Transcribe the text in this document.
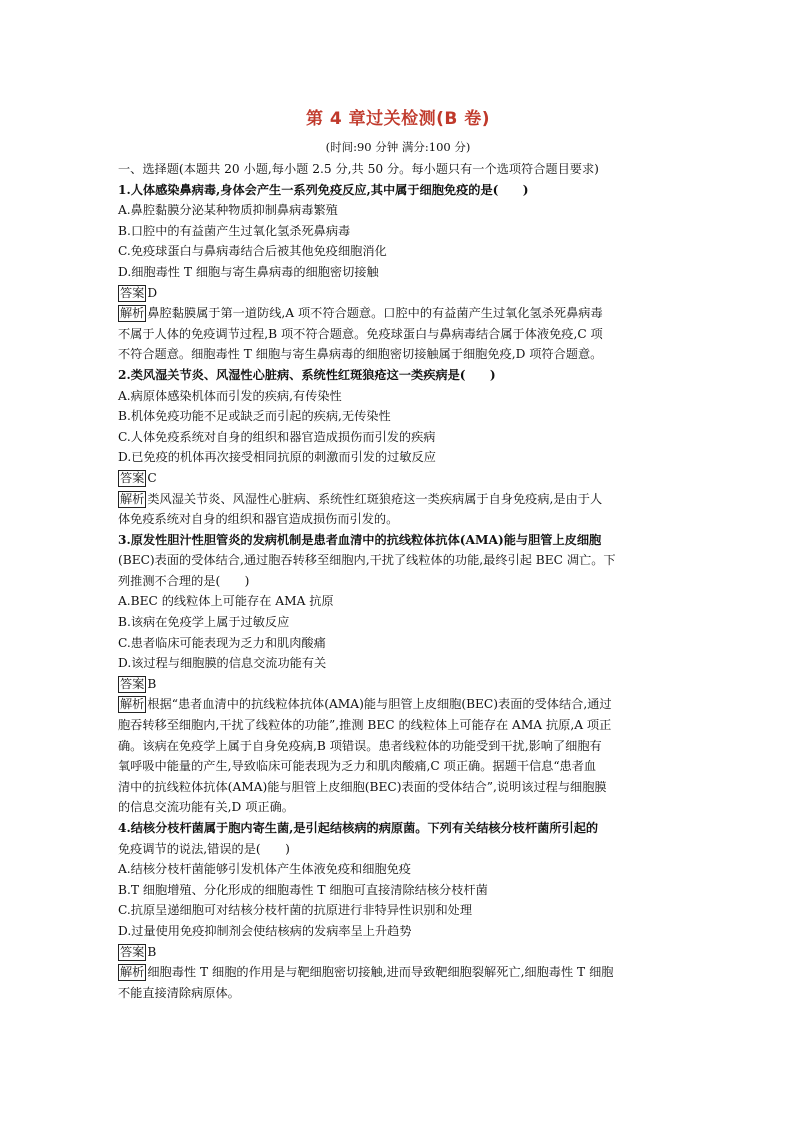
第 4 章过关检测(B 卷)

(时间:90 分钟 满分:100 分)

一、选择题(本题共 20 小题,每小题 2.5 分,共 50 分。每小题只有一个选项符合题目要求)

1.人体感染鼻病毒,身体会产生一系列免疫反应,其中属于细胞免疫的是(　　)

A.鼻腔黏膜分泌某种物质抑制鼻病毒繁殖

B.口腔中的有益菌产生过氧化氢杀死鼻病毒

C.免疫球蛋白与鼻病毒结合后被其他免疫细胞消化

D.细胞毒性 T 细胞与寄生鼻病毒的细胞密切接触

答案 D

解析 鼻腔黏膜属于第一道防线,A 项不符合题意。口腔中的有益菌产生过氧化氢杀死鼻病毒

不属于人体的免疫调节过程,B 项不符合题意。免疫球蛋白与鼻病毒结合属于体液免疫,C 项

不符合题意。细胞毒性 T 细胞与寄生鼻病毒的细胞密切接触属于细胞免疫,D 项符合题意。

2.类风湿关节炎、风湿性心脏病、系统性红斑狼疮这一类疾病是(　　)

A.病原体感染机体而引发的疾病,有传染性

B.机体免疫功能不足或缺乏而引起的疾病,无传染性

C.人体免疫系统对自身的组织和器官造成损伤而引发的疾病

D.已免疫的机体再次接受相同抗原的刺激而引发的过敏反应

答案 C

解析 类风湿关节炎、风湿性心脏病、系统性红斑狼疮这一类疾病属于自身免疫病,是由于人

体免疫系统对自身的组织和器官造成损伤而引发的。

3.原发性胆汁性胆管炎的发病机制是患者血清中的抗线粒体抗体(AMA)能与胆管上皮细胞

(BEC)表面的受体结合,通过胞吞转移至细胞内,干扰了线粒体的功能,最终引起 BEC 凋亡。下

列推测不合理的是(　　)

A.BEC 的线粒体上可能存在 AMA 抗原

B.该病在免疫学上属于过敏反应

C.患者临床可能表现为乏力和肌肉酸痛

D.该过程与细胞膜的信息交流功能有关

答案 B

解析 根据“患者血清中的抗线粒体抗体(AMA)能与胆管上皮细胞(BEC)表面的受体结合,通过

胞吞转移至细胞内,干扰了线粒体的功能”,推测 BEC 的线粒体上可能存在 AMA 抗原,A 项正

确。该病在免疫学上属于自身免疫病,B 项错误。患者线粒体的功能受到干扰,影响了细胞有

氧呼吸中能量的产生,导致临床可能表现为乏力和肌肉酸痛,C 项正确。据题干信息“患者血

清中的抗线粒体抗体(AMA)能与胆管上皮细胞(BEC)表面的受体结合”,说明该过程与细胞膜

的信息交流功能有关,D 项正确。

4.结核分枝杆菌属于胞内寄生菌,是引起结核病的病原菌。下列有关结核分枝杆菌所引起的

免疫调节的说法,错误的是(　　)

A.结核分枝杆菌能够引发机体产生体液免疫和细胞免疫

B.T 细胞增殖、分化形成的细胞毒性 T 细胞可直接清除结核分枝杆菌

C.抗原呈递细胞可对结核分枝杆菌的抗原进行非特异性识别和处理

D.过量使用免疫抑制剂会使结核病的发病率呈上升趋势

答案 B

解析 细胞毒性 T 细胞的作用是与靶细胞密切接触,进而导致靶细胞裂解死亡,细胞毒性 T 细胞

不能直接清除病原体。
